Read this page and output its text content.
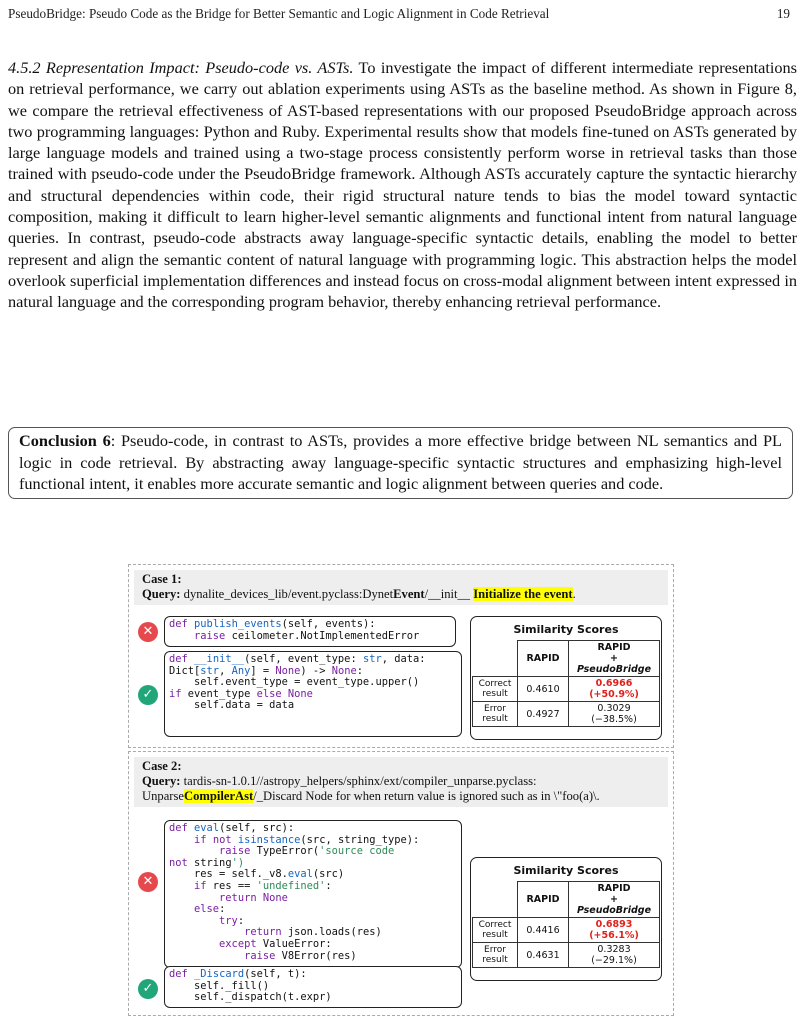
PseudoBridge: Pseudo Code as the Bridge for Better Semantic and Logic Alignment in Code Retrieval	19
4.5.2 Representation Impact: Pseudo-code vs. ASTs. To investigate the impact of different intermediate representations on retrieval performance, we carry out ablation experiments using ASTs as the baseline method. As shown in Figure 8, we compare the retrieval effectiveness of AST-based representations with our proposed PseudoBridge approach across two programming languages: Python and Ruby. Experimental results show that models fine-tuned on ASTs generated by large language models and trained using a two-stage process consistently perform worse in retrieval tasks than those trained with pseudo-code under the PseudoBridge framework. Although ASTs accurately capture the syntactic hierarchy and structural dependencies within code, their rigid structural nature tends to bias the model toward syntactic composition, making it difficult to learn higher-level semantic alignments and functional intent from natural language queries. In contrast, pseudo-code abstracts away language-specific syntactic details, enabling the model to better represent and align the semantic content of natural language with programming logic. This abstraction helps the model overlook superficial implementation differences and instead focus on cross-modal alignment between intent expressed in natural language and the corresponding program behavior, thereby enhancing retrieval performance.
Conclusion 6: Pseudo-code, in contrast to ASTs, provides a more effective bridge between NL semantics and PL logic in code retrieval. By abstracting away language-specific syntactic structures and emphasizing high-level functional intent, it enables more accurate semantic and logic alignment between queries and code.
Case 1:
Query: dynalite_devices_lib/event.pyclass:DynetEvent/__init__ Initialize the event.
✕	def publish_events(self, events):
raise ceilometer.NotImplementedError
✓
def __init__(self, event_type: str, data:
Dict[str, Any] = None) -> None:
self.event_type = event_type.upper()
if event_type else None
self.data = data
Similarity Scores
	RAPID	RAPID
+ PseudoBridge
Correct
result	0.4610	0.6966
(+50.9%)
Error
result	0.4927	0.3029
(−38.5%)
Case 2:
Query: tardis-sn-1.0.1//astropy_helpers/sphinx/ext/compiler_unparse.pyclass:
UnparseCompilerAst/_Discard Node for when return value is ignored such as in \"foo(a)\.
✕
def eval(self, src):
if not isinstance(src, string_type):
raise TypeError('source code
not string')
res = self._v8.eval(src)
if res == 'undefined':
return None
else:
try:
return json.loads(res)
except ValueError:
raise V8Error(res)
✓
def _Discard(self, t):
self._fill()
self._dispatch(t.expr)
Similarity Scores
	RAPID	RAPID
+ PseudoBridge
Correct
result	0.4416	0.6893
(+56.1%)
Error
result	0.4631	0.3283
(−29.1%)
